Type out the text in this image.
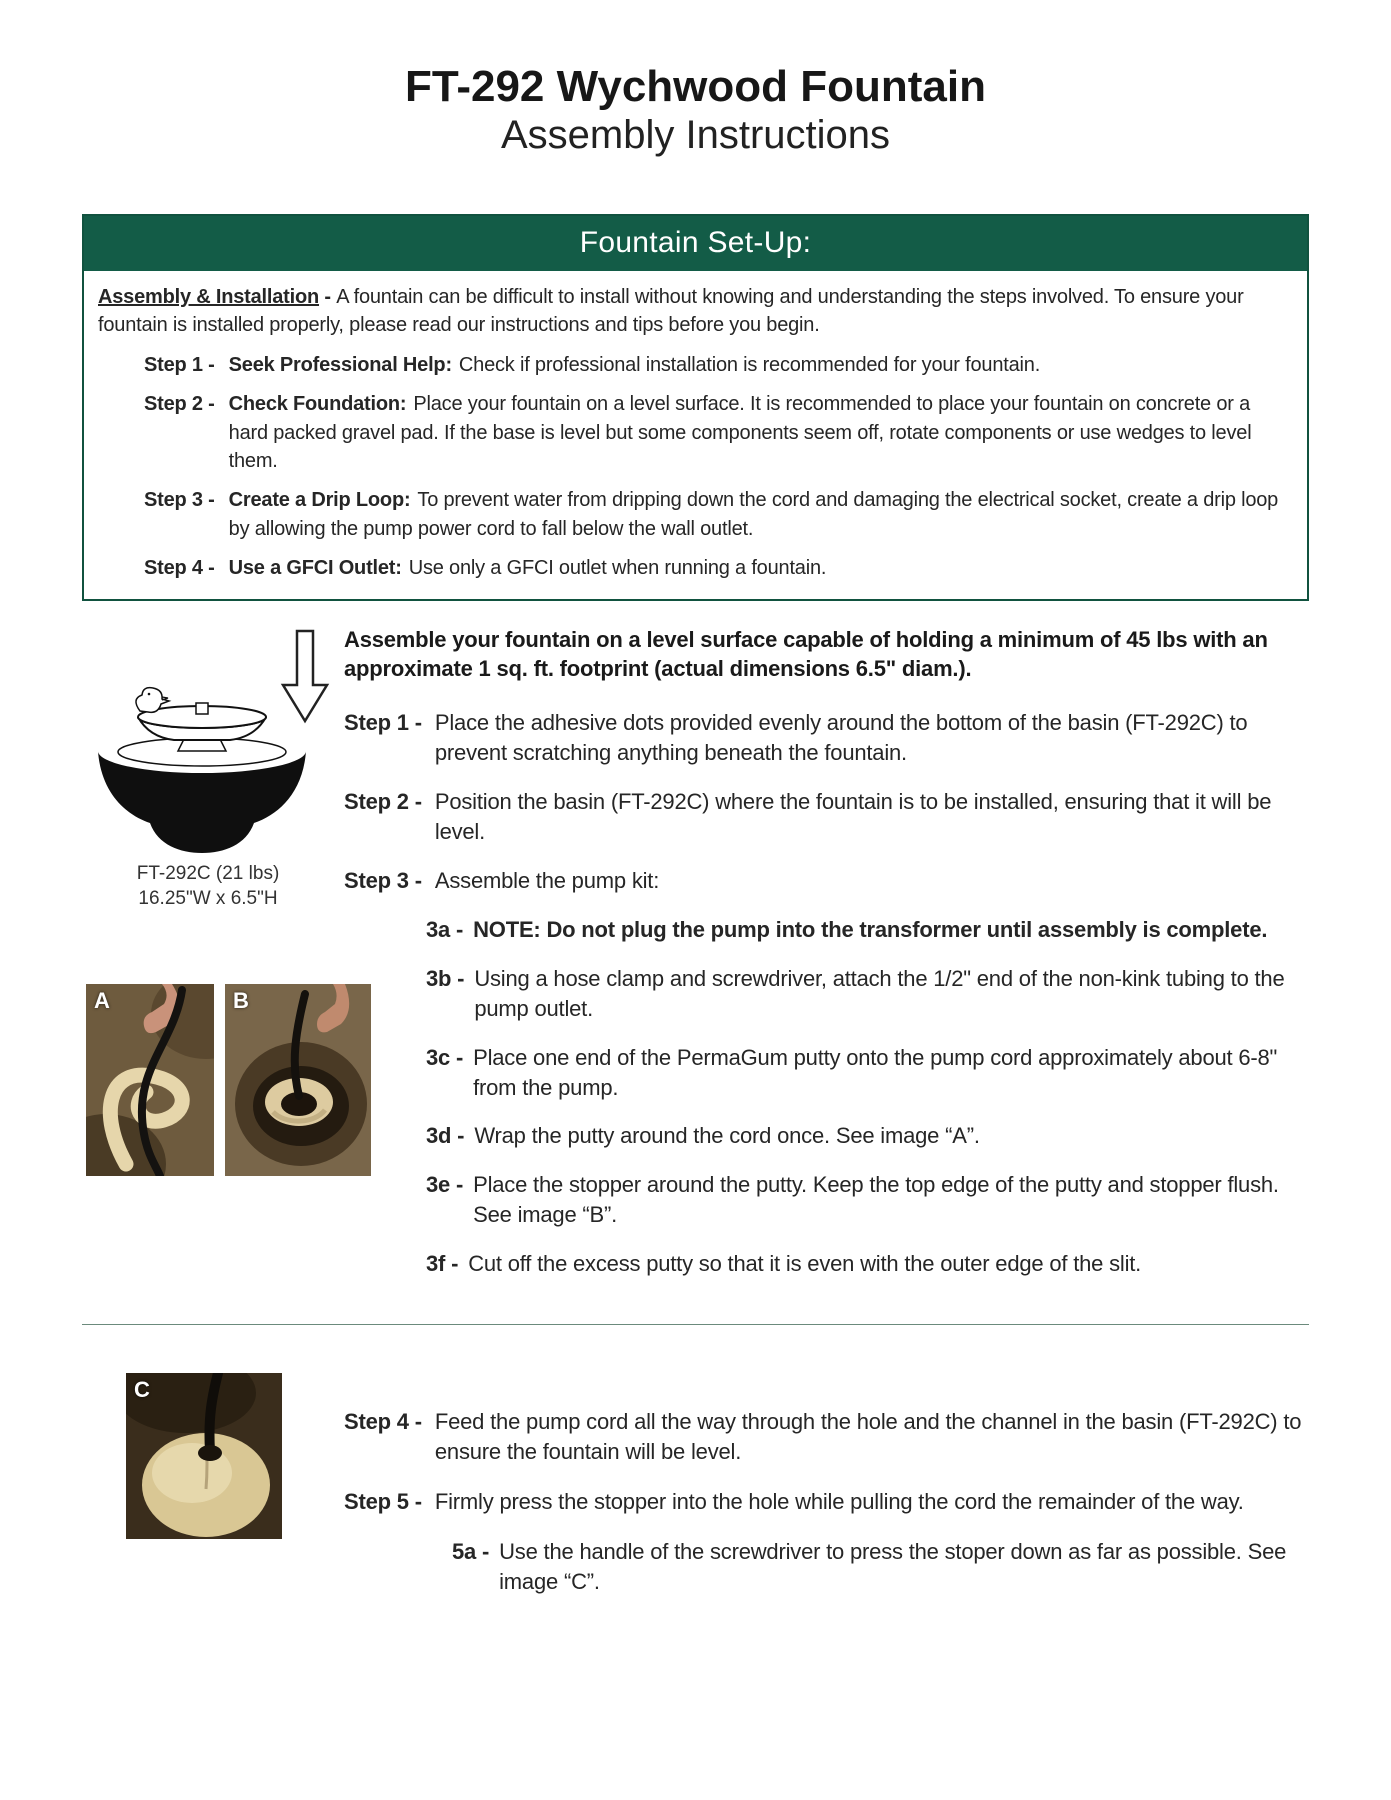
FT-292 Wychwood Fountain
Assembly Instructions
Fountain Set-Up:
Assembly & Installation - A fountain can be difficult to install without knowing and understanding the steps involved. To ensure your fountain is installed properly, please read our instructions and tips before you begin.
Step 1 - Seek Professional Help: Check if professional installation is recommended for your fountain.
Step 2 - Check Foundation: Place your fountain on a level surface. It is recommended to place your fountain on concrete or a hard packed gravel pad. If the base is level but some components seem off, rotate components or use wedges to level them.
Step 3 - Create a Drip Loop: To prevent water from dripping down the cord and damaging the electrical socket, create a drip loop by allowing the pump power cord to fall below the wall outlet.
Step 4 - Use a GFCI Outlet: Use only a GFCI outlet when running a fountain.
FT-292C (21 lbs)
16.25"W x 6.5"H
A	B

Assemble your fountain on a level surface capable of holding a minimum of 45 lbs with an approximate 1 sq. ft. footprint (actual dimensions 6.5" diam.).

Step 1 - Place the adhesive dots provided evenly around the bottom of the basin (FT-292C) to prevent scratching anything beneath the fountain.
Step 2 - Position the basin (FT-292C) where the fountain is to be installed, ensuring that it will be level.
Step 3 - Assemble the pump kit:
3a - NOTE: Do not plug the pump into the transformer until assembly is complete.
3b - Using a hose clamp and screwdriver, attach the 1/2" end of the non-kink tubing to the pump outlet.
3c - Place one end of the PermaGum putty onto the pump cord approximately about 6-8" from the pump.
3d - Wrap the putty around the cord once. See image “A”.
3e - Place the stopper around the putty. Keep the top edge of the putty and stopper flush. See image “B”.
3f - Cut off the excess putty so that it is even with the outer edge of the slit.
C
Step 4 - Feed the pump cord all the way through the hole and the channel in the basin (FT-292C) to ensure the fountain will be level.
Step 5 - Firmly press the stopper into the hole while pulling the cord the remainder of the way.
5a - Use the handle of the screwdriver to press the stoper down as far as possible. See image “C”.
